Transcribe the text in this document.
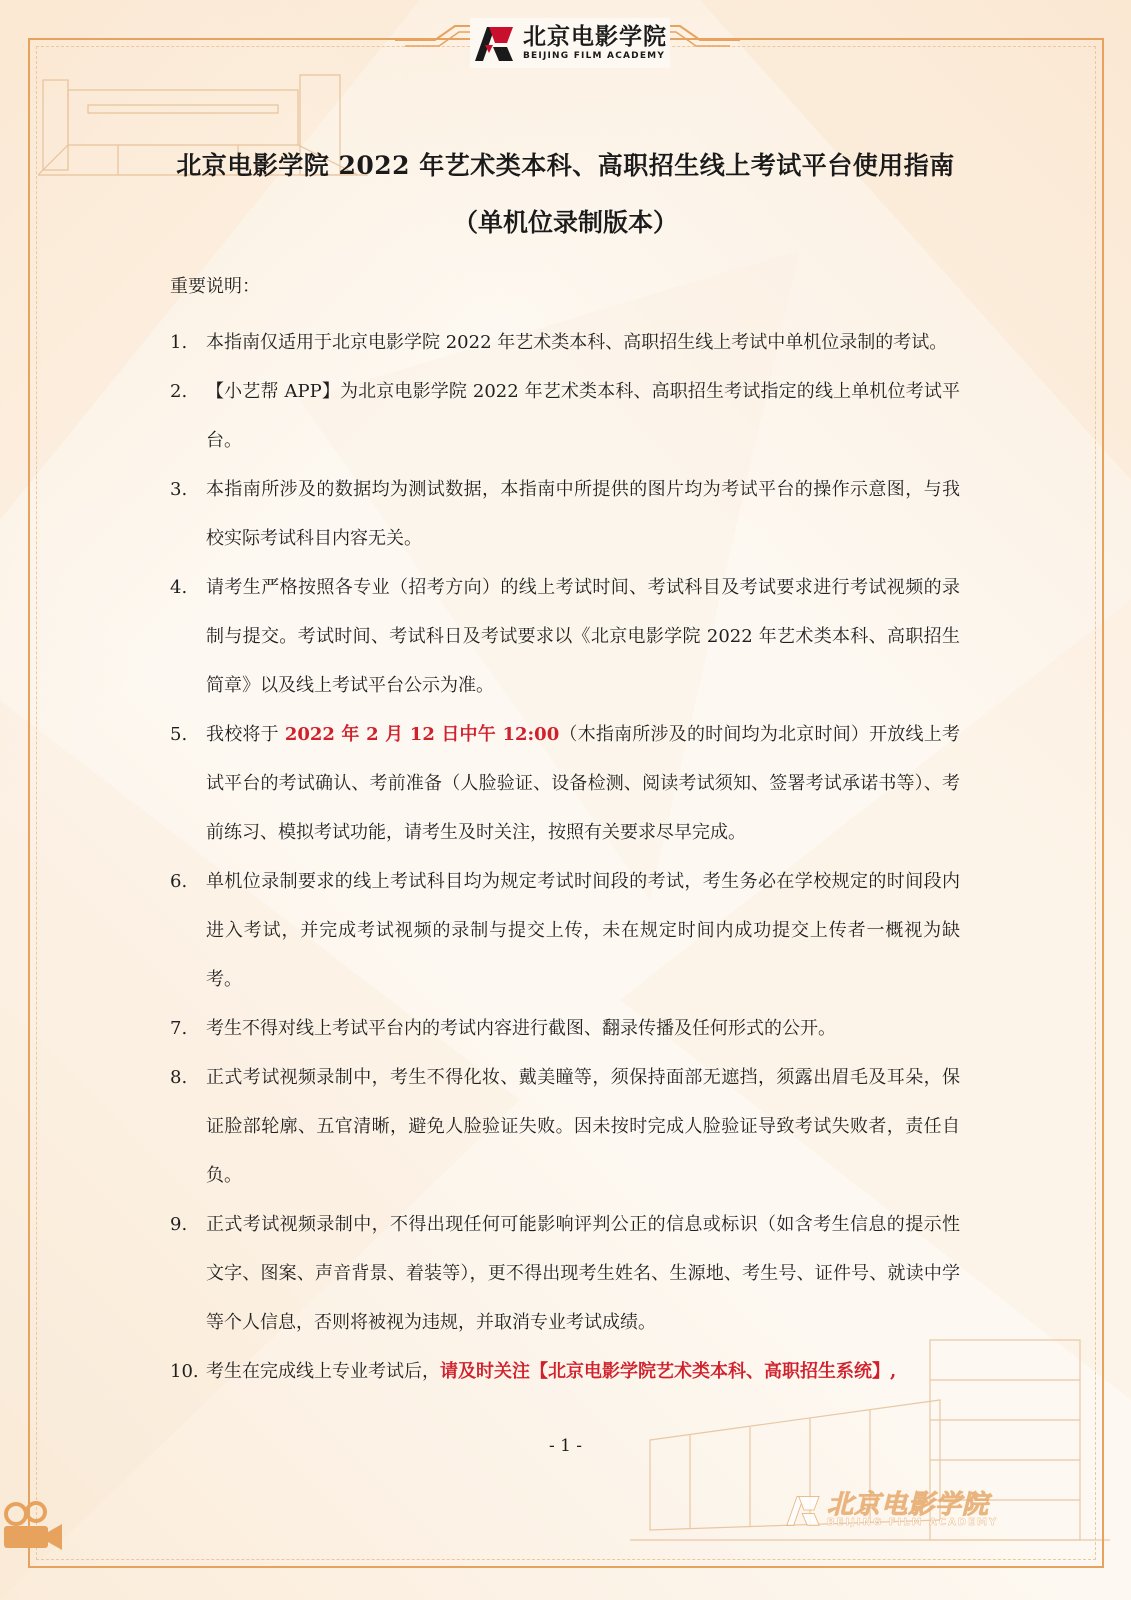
北京电影学院
BEIJING FILM ACADEMY
北京电影学院 2022 年艺术类本科、高职招生线上考试平台使用指南
（单机位录制版本）
重要说明：
1. 本指南仅适用于北京电影学院 2022 年艺术类本科、高职招生线上考试中单机位录制的考试。
2. 【小艺帮 APP】为北京电影学院 2022 年艺术类本科、高职招生考试指定的线上单机位考试平台。
3. 本指南所涉及的数据均为测试数据，本指南中所提供的图片均为考试平台的操作示意图，与我校实际考试科目内容无关。
4. 请考生严格按照各专业（招考方向）的线上考试时间、考试科目及考试要求进行考试视频的录制与提交。考试时间、考试科日及考试要求以《北京电影学院 2022 年艺术类本科、高职招生简章》以及线上考试平台公示为准。
5. 我校将于 2022 年 2 月 12 日中午 12:00（木指南所涉及的时间均为北京时间）开放线上考试平台的考试确认、考前准备（人脸验证、设备检测、阅读考试须知、签署考试承诺书等）、考前练习、模拟考试功能，请考生及时关注，按照有关要求尽早完成。
6. 单机位录制要求的线上考试科目均为规定考试时间段的考试，考生务必在学校规定的时间段内进入考试，并完成考试视频的录制与提交上传，未在规定时间内成功提交上传者一概视为缺考。
7. 考生不得对线上考试平台内的考试内容进行截图、翻录传播及任何形式的公开。
8. 正式考试视频录制中，考生不得化妆、戴美瞳等，须保持面部无遮挡，须露出眉毛及耳朵，保证脸部轮廓、五官清晰，避免人脸验证失败。因未按时完成人脸验证导致考试失败者，责任自负。
9. 正式考试视频录制中，不得出现任何可能影响评判公正的信息或标识（如含考生信息的提示性文字、图案、声音背景、着装等），更不得出现考生姓名、生源地、考生号、证件号、就读中学等个人信息，否则将被视为违规，并取消专业考试成绩。
10. 考生在完成线上专业考试后，请及时关注【北京电影学院艺术类本科、高职招生系统】,
- 1 -
北京电影学院
BEIJING FILM ACADEMY
